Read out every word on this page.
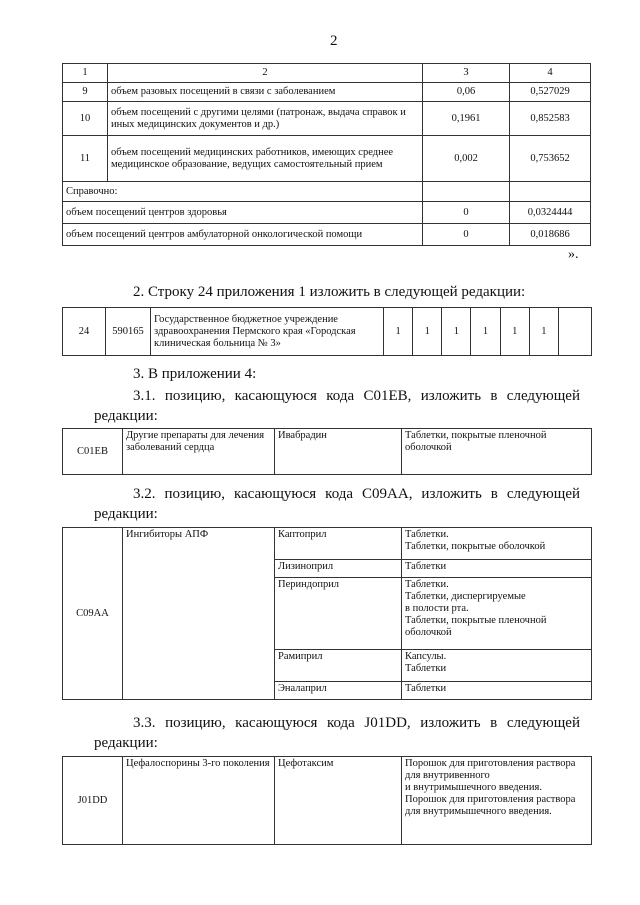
2
1	2	3	4
9	объем разовых посещений в связи с заболеванием	0,06	0,527029
10	объем посещений с другими целями (патронаж, выдача справок и иных медицинских документов и др.)	0,1961	0,852583
11	объем посещений медицинских работников, имеющих среднее медицинское образование, ведущих самостоятельный прием	0,002	0,753652
Справочно:			
объем посещений центров здоровья		0	0,0324444
объем посещений центров амбулаторной онкологической помощи		0	0,018686
».
2. Строку 24 приложения 1 изложить в следующей редакции:
24	590165	Государственное бюджетное учреждение здравоохранения Пермского края «Городская клиническая больница № 3»	1	1	1	1	1	1	
3. В приложении 4:
3.1. позицию, касающуюся кода C01EB, изложить в следующей
редакции:
C01EB	Другие препараты для лечения заболеваний сердца	Ивабрадин	Таблетки, покрытые пленочной оболочкой
3.2. позицию, касающуюся кода C09AA, изложить в следующей
редакции:
C09AA	Ингибиторы АПФ	Каптоприл	Таблетки.
Таблетки, покрытые оболочкой
		Лизиноприл	Таблетки
		Периндоприл	Таблетки.
Таблетки, диспергируемые
в полости рта.
Таблетки, покрытые пленочной оболочкой
		Рамиприл	Капсулы.
Таблетки
		Эналаприл	Таблетки
3.3. позицию, касающуюся кода J01DD, изложить в следующей
редакции:
J01DD	Цефалоспорины 3-го поколения	Цефотаксим	Порошок для приготовления раствора для внутривенного
и внутримышечного введения.
Порошок для приготовления раствора для внутримышечного введения.
